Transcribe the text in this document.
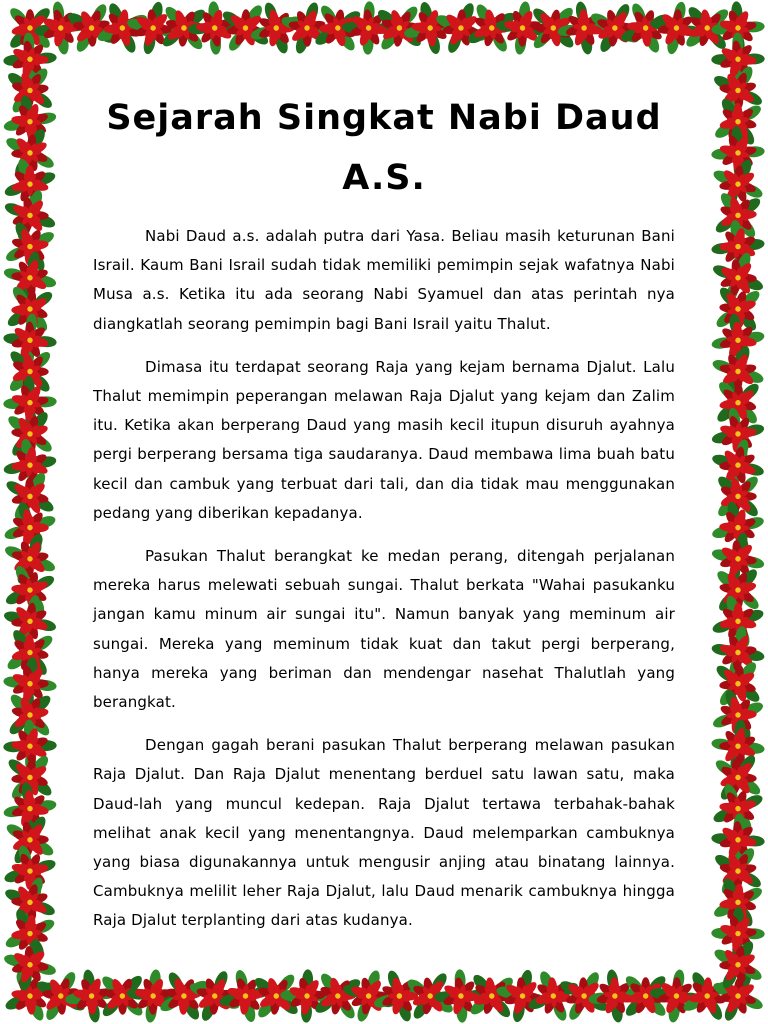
Sejarah Singkat Nabi Daud A.S.

Nabi Daud a.s. adalah putra dari Yasa. Beliau masih keturunan Bani Israil. Kaum Bani Israil sudah tidak memiliki pemimpin sejak wafatnya Nabi Musa a.s. Ketika itu ada seorang Nabi Syamuel dan atas perintah nya diangkatlah seorang pemimpin bagi Bani Israil yaitu Thalut.

Dimasa itu terdapat seorang Raja yang kejam bernama Djalut. Lalu Thalut memimpin peperangan melawan Raja Djalut yang kejam dan Zalim itu. Ketika akan berperang Daud yang masih kecil itupun disuruh ayahnya pergi berperang bersama tiga saudaranya. Daud membawa lima buah batu kecil dan cambuk yang terbuat dari tali, dan dia tidak mau menggunakan pedang yang diberikan kepadanya.

Pasukan Thalut berangkat ke medan perang, ditengah perjalanan mereka harus melewati sebuah sungai. Thalut berkata "Wahai pasukanku jangan kamu minum air sungai itu". Namun banyak yang meminum air sungai. Mereka yang meminum tidak kuat dan takut pergi berperang, hanya mereka yang beriman dan mendengar nasehat Thalutlah yang berangkat.

Dengan gagah berani pasukan Thalut berperang melawan pasukan Raja Djalut. Dan Raja Djalut menentang berduel satu lawan satu, maka Daud-lah yang muncul kedepan. Raja Djalut tertawa terbahak-bahak melihat anak kecil yang menentangnya. Daud melemparkan cambuknya yang biasa digunakannya untuk mengusir anjing atau binatang lainnya. Cambuknya melilit leher Raja Djalut, lalu Daud menarik cambuknya hingga Raja Djalut terplanting dari atas kudanya.
